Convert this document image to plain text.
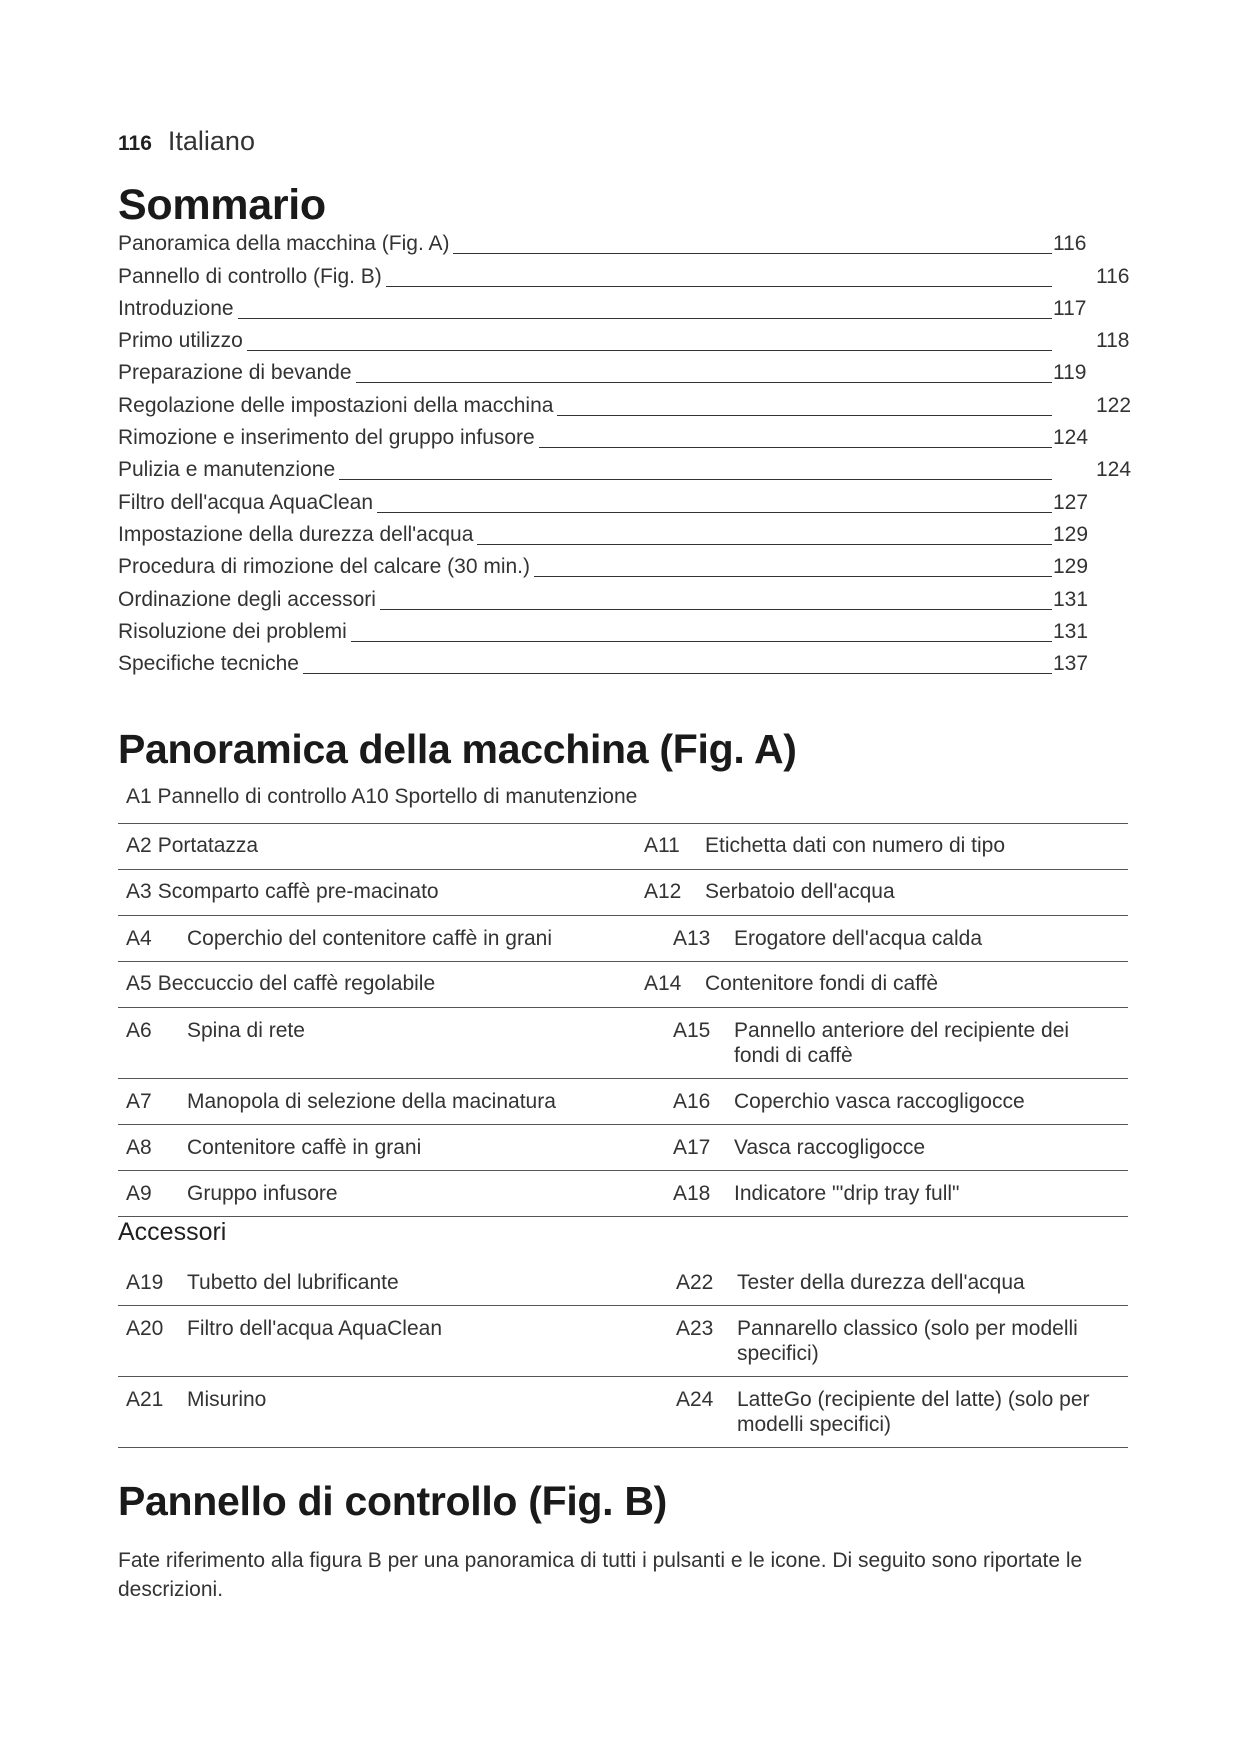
116 Italiano
Sommario
Panoramica della macchina (Fig. A)	116
Pannello di controllo (Fig. B)	116
Introduzione	117
Primo utilizzo	118
Preparazione di bevande	119
Regolazione delle impostazioni della macchina	122
Rimozione e inserimento del gruppo infusore	124
Pulizia e manutenzione	124
Filtro dell'acqua AquaClean	127
Impostazione della durezza dell'acqua	129
Procedura di rimozione del calcare (30 min.)	129
Ordinazione degli accessori	131
Risoluzione dei problemi	131
Specifiche tecniche	137
Panoramica della macchina (Fig. A)
A1 Pannello di controllo A10 Sportello di manutenzione
A2 Portatazza	A11 Etichetta dati con numero di tipo

A3 Scomparto caffè pre-macinato	A12 Serbatoio dell'acqua

A4 Coperchio del contenitore caffè in grani	A13 Erogatore dell'acqua calda

A5 Beccuccio del caffè regolabile	A14 Contenitore fondi di caffè

A6 Spina di rete	A15 Pannello anteriore del recipiente dei fondi di caffè

A7 Manopola di selezione della macinatura	A16 Coperchio vasca raccogligocce

A8 Contenitore caffè in grani	A17 Vasca raccogligocce

A9 Gruppo infusore	A18 Indicatore "'drip tray full"
Accessori
A19 Tubetto del lubrificante	A22 Tester della durezza dell'acqua

A20 Filtro dell'acqua AquaClean	A23 Pannarello classico (solo per modelli specifici)

A21 Misurino	A24 LatteGo (recipiente del latte) (solo per modelli specifici)
Pannello di controllo (Fig. B)

Fate riferimento alla figura B per una panoramica di tutti i pulsanti e le icone. Di seguito sono riportate le descrizioni.
